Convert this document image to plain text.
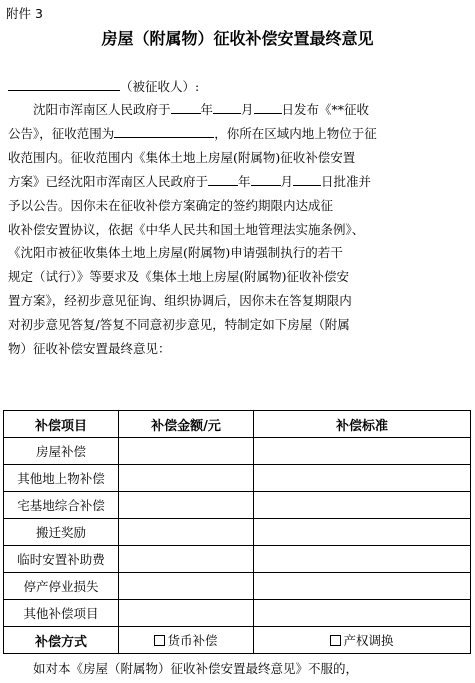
附件 3
房屋（附属物）征收补偿安置最终意见
（被征收人）:
沈阳市浑南区人民政府于 年 月 日发布《**征收
公告》，征收范围为	，你所在区域内地上物位于征
收范围内。征收范围内《集体土地上房屋(附属物)征收补偿安置
方案》已经沈阳市浑南区人民政府于 年 月 日批准并
予以公告。因你未在征收补偿方案确定的签约期限内达成征
收补偿安置协议，依据《中华人民共和国土地管理法实施条例》、
《沈阳市被征收集体土地上房屋(附属物)申请强制执行的若干
规定（试行）》等要求及《集体土地上房屋(附属物)征收补偿安
置方案》，经初步意见征询、组织协调后，因你未在答复期限内
对初步意见答复/答复不同意初步意见，特制定如下房屋（附属
物）征收补偿安置最终意见：
补偿项目	补偿金额/元	补偿标准
房屋补偿		
其他地上物补偿		
宅基地综合补偿		
搬迁奖励		
临时安置补助费		
停产停业损失		
其他补偿项目		
补偿方式	货币补偿	产权调换
如对本《房屋（附属物）征收补偿安置最终意见》不服的，
